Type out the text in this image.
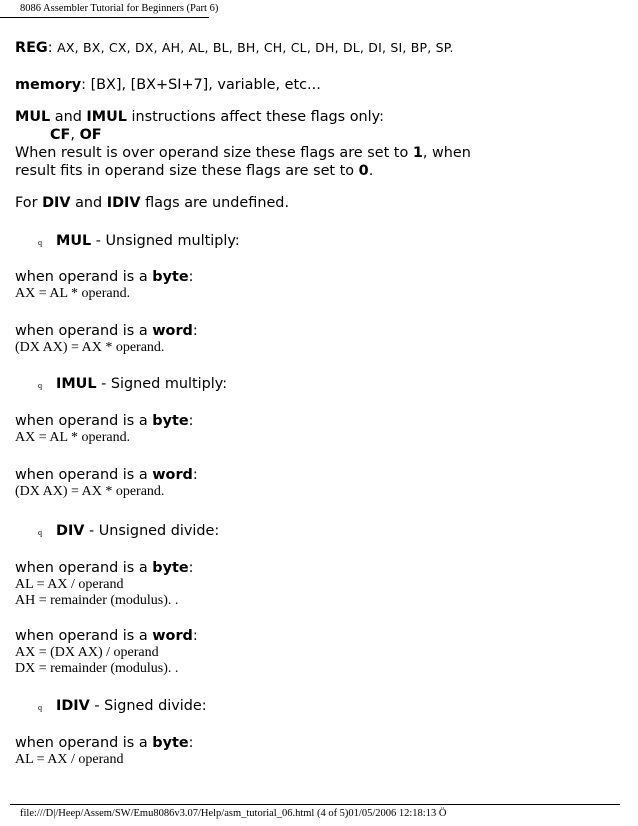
8086 Assembler Tutorial for Beginners (Part 6)

REG: AX, BX, CX, DX, AH, AL, BL, BH, CH, CL, DH, DL, DI, SI, BP, SP.

memory: [BX], [BX+SI+7], variable, etc...

MUL and IMUL instructions affect these flags only:

CF, OF

When result is over operand size these flags are set to 1, when

result fits in operand size these flags are set to 0.

For DIV and IDIV flags are undefined.

q MUL - Unsigned multiply:

when operand is a byte:

AX = AL * operand.

when operand is a word:

(DX AX) = AX * operand.

q IMUL - Signed multiply:

when operand is a byte:

AX = AL * operand.

when operand is a word:

(DX AX) = AX * operand.

q DIV - Unsigned divide:

when operand is a byte:

AL = AX / operand

AH = remainder (modulus). .

when operand is a word:

AX = (DX AX) / operand

DX = remainder (modulus). .

q IDIV - Signed divide:

when operand is a byte:

AL = AX / operand

file:///D|/Heep/Assem/SW/Emu8086v3.07/Help/asm_tutorial_06.html (4 of 5)01/05/2006 12:18:13 Ö
